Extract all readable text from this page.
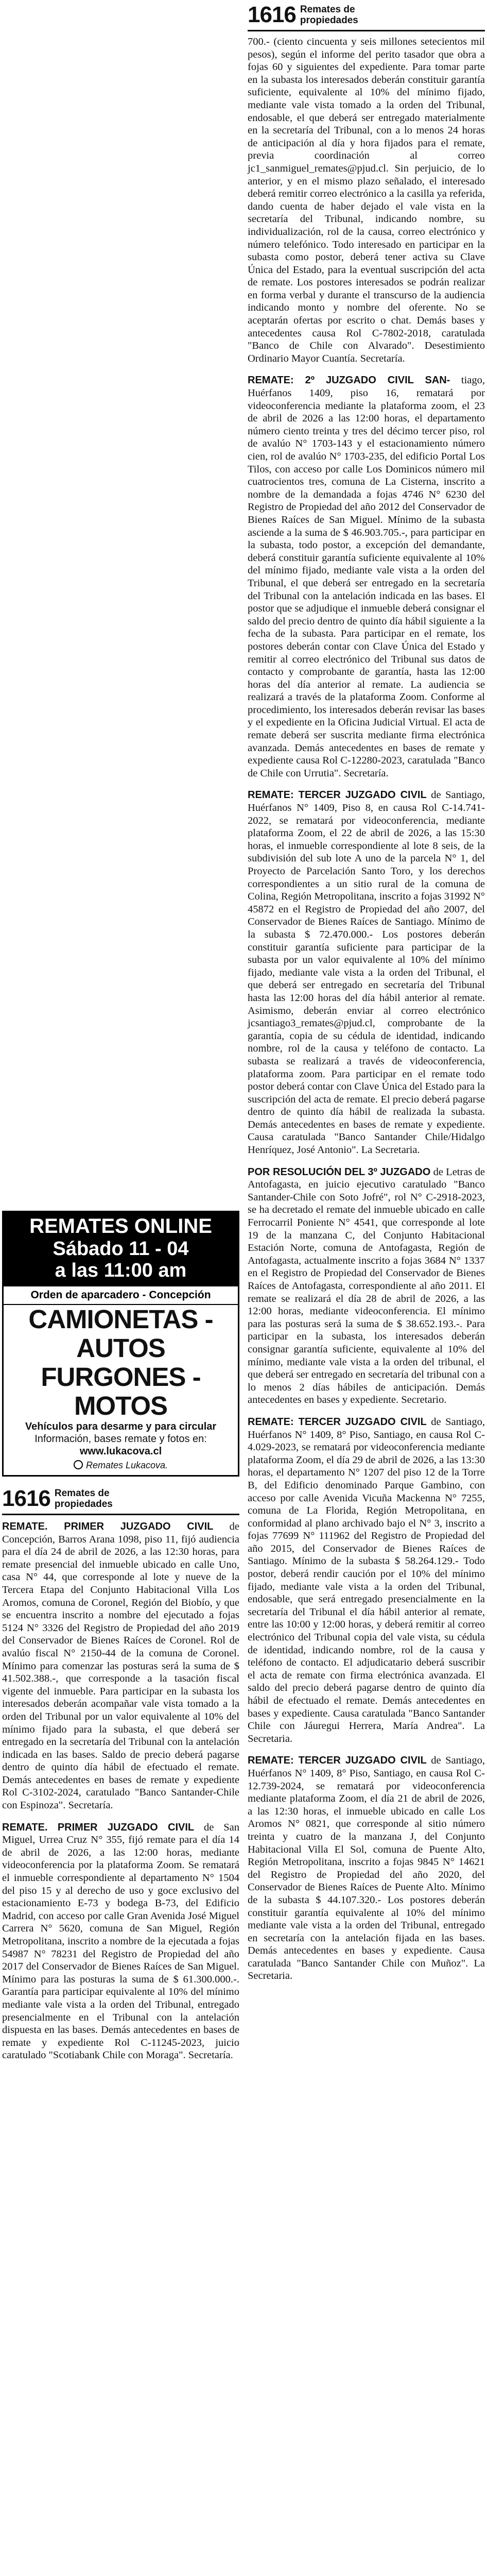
REMATES ONLINE
Sábado 11 - 04
a las 11:00 am
Orden de aparcadero - Concepción
CAMIONETAS - AUTOS
FURGONES - MOTOS
Vehículos para desarme y para circular
Información, bases remate y fotos en:
www.lukacova.cl
Remates Lukacova.
1616 Remates de
propiedades

REMATE. PRIMER JUZGADO CIVIL de Concepción, Barros Arana 1098, piso 11, fijó audiencia para el día 24 de abril de 2026, a las 12:30 horas, para remate presencial del inmueble ubicado en calle Uno, casa N° 44, que corresponde al lote y nueve de la Tercera Etapa del Conjunto Habitacional Villa Los Aromos, comuna de Coronel, Región del Biobío, y que se encuentra inscrito a nombre del ejecutado a fojas 5124 N° 3326 del Registro de Propiedad del año 2019 del Conservador de Bienes Raíces de Coronel. Rol de avalúo fiscal N° 2150-44 de la comuna de Coronel. Mínimo para comenzar las posturas será la suma de $ 41.502.388.-, que corresponde a la tasación fiscal vigente del inmueble. Para participar en la subasta los interesados deberán acompañar vale vista tomado a la orden del Tribunal por un valor equivalente al 10% del mínimo fijado para la subasta, el que deberá ser entregado en la secretaría del Tribunal con la antelación indicada en las bases. Saldo de precio deberá pagarse dentro de quinto día hábil de efectuado el remate. Demás antecedentes en bases de remate y expediente Rol C-3102-2024, caratulado "Banco Santander-Chile con Espinoza". Secretaría.

REMATE. PRIMER JUZGADO CIVIL de San Miguel, Urrea Cruz N° 355, fijó remate para el día 14 de abril de 2026, a las 12:00 horas, mediante videoconferencia por la plataforma Zoom. Se rematará el inmueble correspondiente al departamento N° 1504 del piso 15 y al derecho de uso y goce exclusivo del estacionamiento E-73 y bodega B-73, del Edificio Madrid, con acceso por calle Gran Avenida José Miguel Carrera N° 5620, comuna de San Miguel, Región Metropolitana, inscrito a nombre de la ejecutada a fojas 54987 N° 78231 del Registro de Propiedad del año 2017 del Conservador de Bienes Raíces de San Miguel. Mínimo para las posturas la suma de $ 61.300.000.-. Garantía para participar equivalente al 10% del mínimo mediante vale vista a la orden del Tribunal, entregado presencialmente en el Tribunal con la antelación dispuesta en las bases. Demás antecedentes en bases de remate y expediente Rol C-11245-2023, juicio caratulado "Scotiabank Chile con Moraga". Secretaría.

1616 Remates de
propiedades

700.- (ciento cincuenta y seis millones setecientos mil pesos), según el informe del perito tasador que obra a fojas 60 y siguientes del expediente. Para tomar parte en la subasta los interesados deberán constituir garantía suficiente, equivalente al 10% del mínimo fijado, mediante vale vista tomado a la orden del Tribunal, endosable, el que deberá ser entregado materialmente en la secretaría del Tribunal, con a lo menos 24 horas de anticipación al día y hora fijados para el remate, previa coordinación al correo jc1_sanmiguel_remates@pjud.cl. Sin perjuicio, de lo anterior, y en el mismo plazo señalado, el interesado deberá remitir correo electrónico a la casilla ya referida, dando cuenta de haber dejado el vale vista en la secretaría del Tribunal, indicando nombre, su individualización, rol de la causa, correo electrónico y número telefónico. Todo interesado en participar en la subasta como postor, deberá tener activa su Clave Única del Estado, para la eventual suscripción del acta de remate. Los postores interesados se podrán realizar en forma verbal y durante el transcurso de la audiencia indicando monto y nombre del oferente. No se aceptarán ofertas por escrito o chat. Demás bases y antecedentes causa Rol C-7802-2018, caratulada "Banco de Chile con Alvarado". Desestimiento Ordinario Mayor Cuantía. Secretaría.

REMATE: 2º JUZGADO CIVIL SAN- tiago, Huérfanos 1409, piso 16, rematará por videoconferencia mediante la plataforma zoom, el 23 de abril de 2026 a las 12:00 horas, el departamento número ciento treinta y tres del décimo tercer piso, rol de avalúo N° 1703-143 y el estacionamiento número cien, rol de avalúo N° 1703-235, del edificio Portal Los Tilos, con acceso por calle Los Dominicos número mil cuatrocientos tres, comuna de La Cisterna, inscrito a nombre de la demandada a fojas 4746 N° 6230 del Registro de Propiedad del año 2012 del Conservador de Bienes Raíces de San Miguel. Mínimo de la subasta asciende a la suma de $ 46.903.705.-, para participar en la subasta, todo postor, a excepción del demandante, deberá constituir garantía suficiente equivalente al 10% del mínimo fijado, mediante vale vista a la orden del Tribunal, el que deberá ser entregado en la secretaría del Tribunal con la antelación indicada en las bases. El postor que se adjudique el inmueble deberá consignar el saldo del precio dentro de quinto día hábil siguiente a la fecha de la subasta. Para participar en el remate, los postores deberán contar con Clave Única del Estado y remitir al correo electrónico del Tribunal sus datos de contacto y comprobante de garantía, hasta las 12:00 horas del día anterior al remate. La audiencia se realizará a través de la plataforma Zoom. Conforme al procedimiento, los interesados deberán revisar las bases y el expediente en la Oficina Judicial Virtual. El acta de remate deberá ser suscrita mediante firma electrónica avanzada. Demás antecedentes en bases de remate y expediente causa Rol C-12280-2023, caratulada "Banco de Chile con Urrutia". Secretaría.

REMATE: TERCER JUZGADO CIVIL de Santiago, Huérfanos N° 1409, Piso 8, en causa Rol C-14.741-2022, se rematará por videoconferencia, mediante plataforma Zoom, el 22 de abril de 2026, a las 15:30 horas, el inmueble correspondiente al lote 8 seis, de la subdivisión del sub lote A uno de la parcela N° 1, del Proyecto de Parcelación Santo Toro, y los derechos correspondientes a un sitio rural de la comuna de Colina, Región Metropolitana, inscrito a fojas 31992 N° 45872 en el Registro de Propiedad del año 2007, del Conservador de Bienes Raíces de Santiago. Mínimo de la subasta $ 72.470.000.- Los postores deberán constituir garantía suficiente para participar de la subasta por un valor equivalente al 10% del mínimo fijado, mediante vale vista a la orden del Tribunal, el que deberá ser entregado en secretaría del Tribunal hasta las 12:00 horas del día hábil anterior al remate. Asimismo, deberán enviar al correo electrónico jcsantiago3_remates@pjud.cl, comprobante de la garantía, copia de su cédula de identidad, indicando nombre, rol de la causa y teléfono de contacto. La subasta se realizará a través de videoconferencia, plataforma zoom. Para participar en el remate todo postor deberá contar con Clave Única del Estado para la suscripción del acta de remate. El precio deberá pagarse dentro de quinto día hábil de realizada la subasta. Demás antecedentes en bases de remate y expediente. Causa caratulada "Banco Santander Chile/Hidalgo Henríquez, José Antonio". La Secretaria.

POR RESOLUCIÓN DEL 3º JUZGADO de Letras de Antofagasta, en juicio ejecutivo caratulado "Banco Santander-Chile con Soto Jofré", rol N° C-2918-2023, se ha decretado el remate del inmueble ubicado en calle Ferrocarril Poniente N° 4541, que corresponde al lote 19 de la manzana C, del Conjunto Habitacional Estación Norte, comuna de Antofagasta, Región de Antofagasta, actualmente inscrito a fojas 3684 N° 1337 en el Registro de Propiedad del Conservador de Bienes Raíces de Antofagasta, correspondiente al año 2011. El remate se realizará el día 28 de abril de 2026, a las 12:00 horas, mediante videoconferencia. El mínimo para las posturas será la suma de $ 38.652.193.-. Para participar en la subasta, los interesados deberán consignar garantía suficiente, equivalente al 10% del mínimo, mediante vale vista a la orden del tribunal, el que deberá ser entregado en secretaría del tribunal con a lo menos 2 días hábiles de anticipación. Demás antecedentes en bases y expediente. Secretario.

REMATE: TERCER JUZGADO CIVIL de Santiago, Huérfanos N° 1409, 8° Piso, Santiago, en causa Rol C-4.029-2023, se rematará por videoconferencia mediante plataforma Zoom, el día 29 de abril de 2026, a las 13:30 horas, el departamento N° 1207 del piso 12 de la Torre B, del Edificio denominado Parque Gambino, con acceso por calle Avenida Vicuña Mackenna N° 7255, comuna de La Florida, Región Metropolitana, en conformidad al plano archivado bajo el N° 3, inscrito a fojas 77699 N° 111962 del Registro de Propiedad del año 2015, del Conservador de Bienes Raíces de Santiago. Mínimo de la subasta $ 58.264.129.- Todo postor, deberá rendir caución por el 10% del mínimo fijado, mediante vale vista a la orden del Tribunal, endosable, que será entregado presencialmente en la secretaría del Tribunal el día hábil anterior al remate, entre las 10:00 y 12:00 horas, y deberá remitir al correo electrónico del Tribunal copia del vale vista, su cédula de identidad, indicando nombre, rol de la causa y teléfono de contacto. El adjudicatario deberá suscribir el acta de remate con firma electrónica avanzada. El saldo del precio deberá pagarse dentro de quinto día hábil de efectuado el remate. Demás antecedentes en bases y expediente. Causa caratulada "Banco Santander Chile con Jáuregui Herrera, María Andrea". La Secretaria.

REMATE: TERCER JUZGADO CIVIL de Santiago, Huérfanos N° 1409, 8° Piso, Santiago, en causa Rol C-12.739-2024, se rematará por videoconferencia mediante plataforma Zoom, el día 21 de abril de 2026, a las 12:30 horas, el inmueble ubicado en calle Los Aromos N° 0821, que corresponde al sitio número treinta y cuatro de la manzana J, del Conjunto Habitacional Villa El Sol, comuna de Puente Alto, Región Metropolitana, inscrito a fojas 9845 N° 14621 del Registro de Propiedad del año 2020, del Conservador de Bienes Raíces de Puente Alto. Mínimo de la subasta $ 44.107.320.- Los postores deberán constituir garantía equivalente al 10% del mínimo mediante vale vista a la orden del Tribunal, entregado en secretaría con la antelación fijada en las bases. Demás antecedentes en bases y expediente. Causa caratulada "Banco Santander Chile con Muñoz". La Secretaria.
